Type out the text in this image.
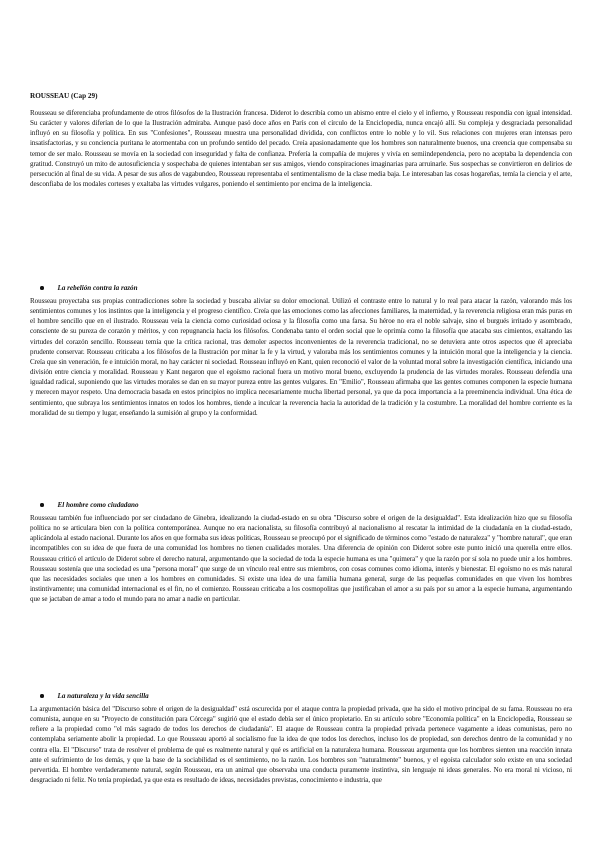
ROUSSEAU (Cap 29)

Rousseau se diferenciaba profundamente de otros filósofos de la Ilustración francesa. Diderot lo describía como un abismo entre el cielo y el infierno, y Rousseau respondía con igual intensidad. Su carácter y valores diferían de lo que la Ilustración admiraba. Aunque pasó doce años en París con el círculo de la Enciclopedia, nunca encajó allí. Su compleja y desgraciada personalidad influyó en su filosofía y política. En sus "Confesiones", Rousseau muestra una personalidad dividida, con conflictos entre lo noble y lo vil. Sus relaciones con mujeres eran intensas pero insatisfactorias, y su conciencia puritana le atormentaba con un profundo sentido del pecado. Creía apasionadamente que los hombres son naturalmente buenos, una creencia que compensaba su temor de ser malo. Rousseau se movía en la sociedad con inseguridad y falta de confianza. Prefería la compañía de mujeres y vivía en semiindependencia, pero no aceptaba la dependencia con gratitud. Construyó un mito de autosuficiencia y sospechaba de quienes intentaban ser sus amigos, viendo conspiraciones imaginarias para arruinarle. Sus sospechas se convirtieron en delirios de persecución al final de su vida. A pesar de sus años de vagabundeo, Rousseau representaba el sentimentalismo de la clase media baja. Le interesaban las cosas hogareñas, temía la ciencia y el arte, desconfiaba de los modales corteses y exaltaba las virtudes vulgares, poniendo el sentimiento por encima de la inteligencia.

La rebelión contra la razón

Rousseau proyectaba sus propias contradicciones sobre la sociedad y buscaba aliviar su dolor emocional. Utilizó el contraste entre lo natural y lo real para atacar la razón, valorando más los sentimientos comunes y los instintos que la inteligencia y el progreso científico. Creía que las emociones como las afecciones familiares, la maternidad, y la reverencia religiosa eran más puras en el hombre sencillo que en el ilustrado. Rousseau veía la ciencia como curiosidad ociosa y la filosofía como una farsa. Su héroe no era el noble salvaje, sino el burgués irritado y asombrado, consciente de su pureza de corazón y méritos, y con repugnancia hacia los filósofos. Condenaba tanto el orden social que le oprimía como la filosofía que atacaba sus cimientos, exaltando las virtudes del corazón sencillo. Rousseau temía que la crítica racional, tras demoler aspectos inconvenientes de la reverencia tradicional, no se detuviera ante otros aspectos que él apreciaba prudente conservar. Rousseau criticaba a los filósofos de la Ilustración por minar la fe y la virtud, y valoraba más los sentimientos comunes y la intuición moral que la inteligencia y la ciencia. Creía que sin veneración, fe e intuición moral, no hay carácter ni sociedad. Rousseau influyó en Kant, quien reconoció el valor de la voluntad moral sobre la investigación científica, iniciando una división entre ciencia y moralidad. Rousseau y Kant negaron que el egoísmo racional fuera un motivo moral bueno, excluyendo la prudencia de las virtudes morales. Rousseau defendía una igualdad radical, suponiendo que las virtudes morales se dan en su mayor pureza entre las gentes vulgares. En "Emilio", Rousseau afirmaba que las gentes comunes componen la especie humana y merecen mayor respeto. Una democracia basada en estos principios no implica necesariamente mucha libertad personal, ya que da poca importancia a la preeminencia individual. Una ética de sentimiento, que subraya los sentimientos innatos en todos los hombres, tiende a inculcar la reverencia hacia la autoridad de la tradición y la costumbre. La moralidad del hombre corriente es la moralidad de su tiempo y lugar, enseñando la sumisión al grupo y la conformidad.

El hombre como ciudadano

Rousseau también fue influenciado por ser ciudadano de Ginebra, idealizando la ciudad-estado en su obra "Discurso sobre el origen de la desigualdad". Esta idealización hizo que su filosofía política no se articulara bien con la política contemporánea. Aunque no era nacionalista, su filosofía contribuyó al nacionalismo al rescatar la intimidad de la ciudadanía en la ciudad-estado, aplicándola al estado nacional. Durante los años en que formaba sus ideas políticas, Rousseau se preocupó por el significado de términos como "estado de naturaleza" y "hombre natural", que eran incompatibles con su idea de que fuera de una comunidad los hombres no tienen cualidades morales. Una diferencia de opinión con Diderot sobre este punto inició una querella entre ellos. Rousseau criticó el artículo de Diderot sobre el derecho natural, argumentando que la sociedad de toda la especie humana es una "quimera" y que la razón por sí sola no puede unir a los hombres. Rousseau sostenía que una sociedad es una "persona moral" que surge de un vínculo real entre sus miembros, con cosas comunes como idioma, interés y bienestar. El egoísmo no es más natural que las necesidades sociales que unen a los hombres en comunidades. Si existe una idea de una familia humana general, surge de las pequeñas comunidades en que viven los hombres instintivamente; una comunidad internacional es el fin, no el comienzo. Rousseau criticaba a los cosmopolitas que justificaban el amor a su país por su amor a la especie humana, argumentando que se jactaban de amar a todo el mundo para no amar a nadie en particular.

La naturaleza y la vida sencilla

La argumentación básica del "Discurso sobre el origen de la desigualdad" está oscurecida por el ataque contra la propiedad privada, que ha sido el motivo principal de su fama. Rousseau no era comunista, aunque en su "Proyecto de constitución para Córcega" sugirió que el estado debía ser el único propietario. En su artículo sobre "Economía política" en la Enciclopedia, Rousseau se refiere a la propiedad como "el más sagrado de todos los derechos de ciudadanía". El ataque de Rousseau contra la propiedad privada pertenece vagamente a ideas comunistas, pero no contemplaba seriamente abolir la propiedad. Lo que Rousseau aportó al socialismo fue la idea de que todos los derechos, incluso los de propiedad, son derechos dentro de la comunidad y no contra ella. El "Discurso" trata de resolver el problema de qué es realmente natural y qué es artificial en la naturaleza humana. Rousseau argumenta que los hombres sienten una reacción innata ante el sufrimiento de los demás, y que la base de la sociabilidad es el sentimiento, no la razón. Los hombres son "naturalmente" buenos, y el egoísta calculador solo existe en una sociedad pervertida. El hombre verdaderamente natural, según Rousseau, era un animal que observaba una conducta puramente instintiva, sin lenguaje ni ideas generales. No era moral ni vicioso, ni desgraciado ni feliz. No tenía propiedad, ya que esta es resultado de ideas, necesidades previstas, conocimiento e industria, que
